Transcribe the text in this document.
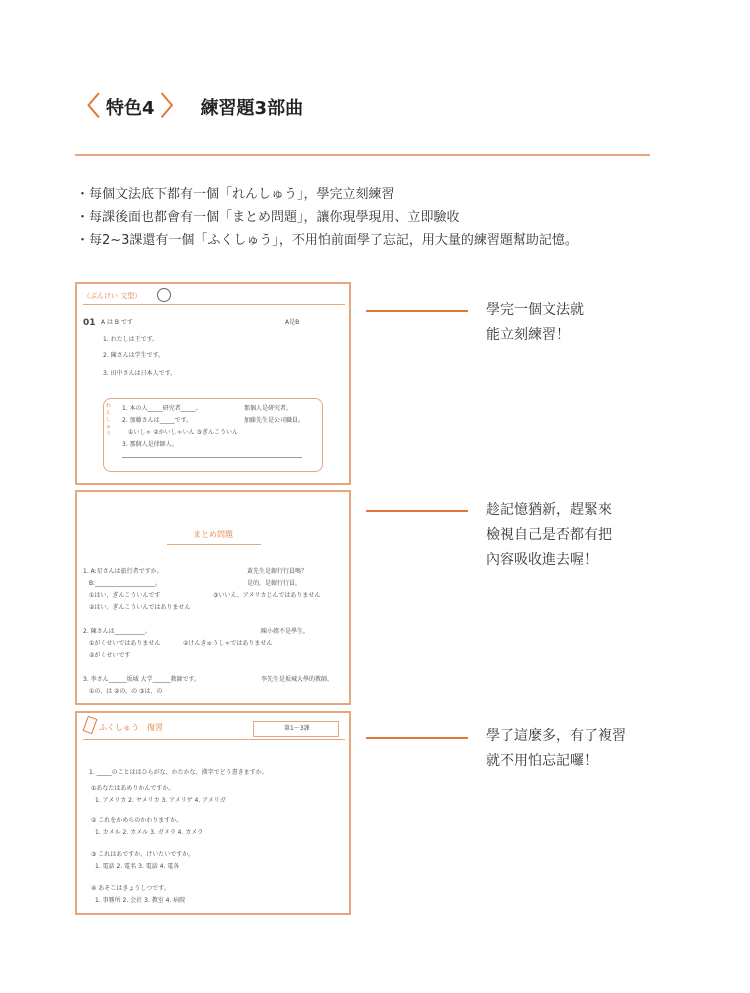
〈 特色4 〉 練習題3部曲
・每個文法底下都有一個「れんしゅう」，學完立刻練習
・每課後面也都會有一個「まとめ問題」，讓你現學現用、立即驗收
・每2~3課還有一個「ふくしゅう」，不用怕前面學了忘記，用大量的練習題幫助記憶。
（ぶんけい 文型）
01 A は B です	A是B
1. わたしは王です。
2. 陳さんは学生です。
3. 田中さんは日本人です。
れんしゅう
1. 本の人_____研究者_____。	那個人是研究者。
2. 加藤さんは_____です。	加藤先生是公司職員。
①いしゃ ②かいしゃいん ③ぎんこういん
3. 那個人是律師人。
まとめ問題
1. A:星さんは旅行者ですか。	黃先生是銀行行員嗎？
B:____________________。	是的，是銀行行員。
①はい、ぎんこういんです	③いいえ、アメリカじんではありません
②はい、ぎんこういんではありません
2. 陳さんは__________。	陳小姐不是學生。
①がくせいではありません	②けんきゅうしゃではありません
②がくせいです
3. 李さん______坂城 大学______教師です。	李先生是坂城大學的教師。
①の、は ②の、の ③は、の
ふくしゅう　復習	第1～3課
1. _____のことははひらがな、かたかな、漢字でどう書きますか。
①あなたはあめりかんですか。
1. アメリカ 2. ヤメリカ 3. アメリゲ 4. アメリガ
② これをかめらのかわりますか。
1. カメル 2. カメル 3. ガメラ 4. カメラ
③ これはあですか、けいたいですか。
1. 電話 2. 電名 3. 電話 4. 電各
④ あそこはきょうしつです。
1. 事務所 2. 会社 3. 教室 4. 病院
學完一個文法就
能立刻練習！
趁記憶猶新，趕緊來
檢視自己是否都有把
內容吸收進去喔！
學了這麼多，有了複習
就不用怕忘記囉！
